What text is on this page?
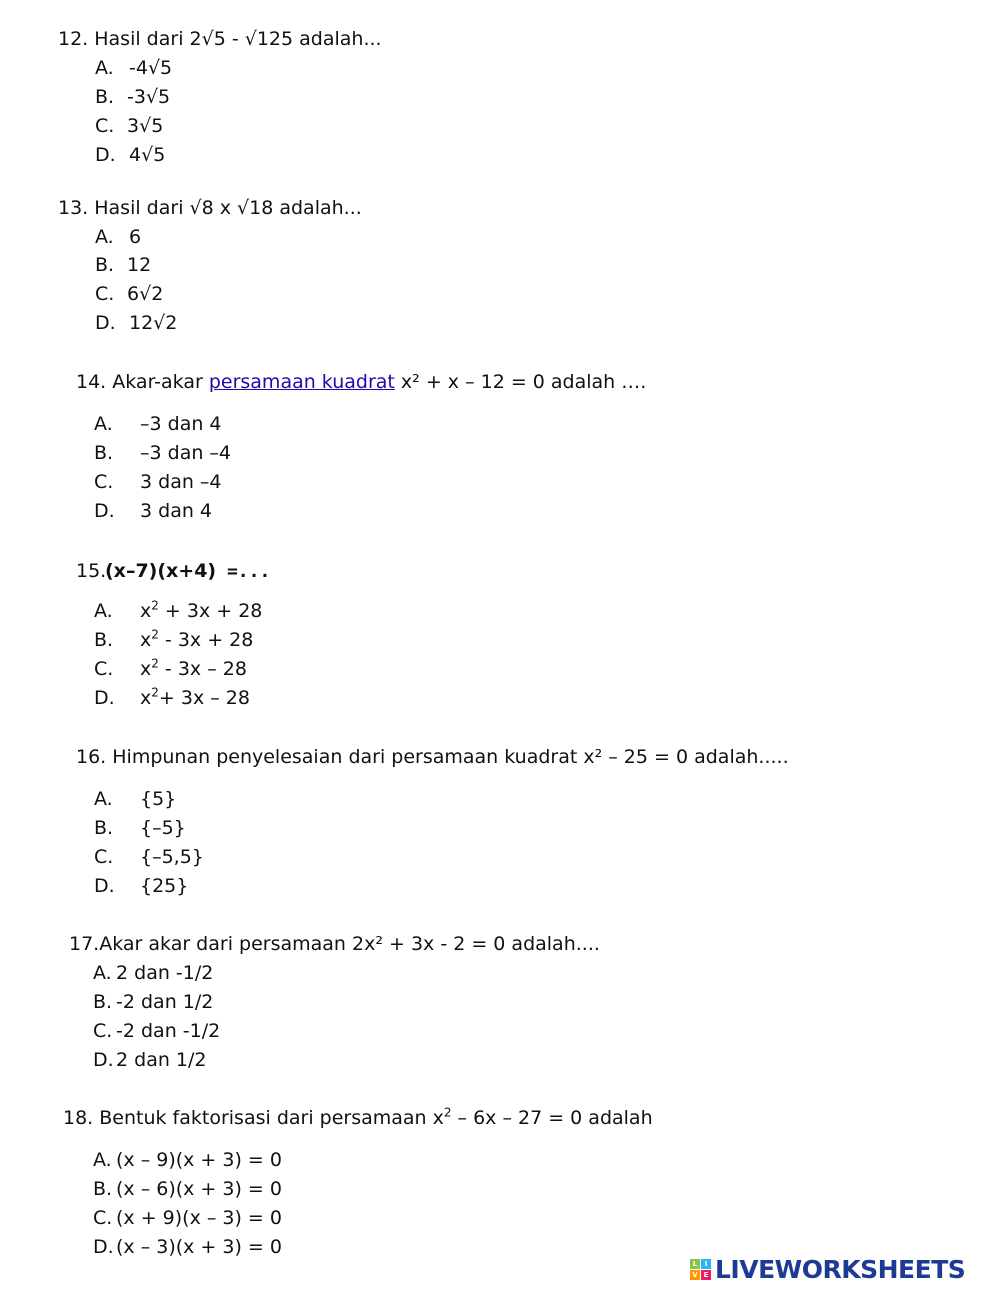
12. Hasil dari 2√5 - √125 adalah...
A. -4√5
B. -3√5
C. 3√5
D. 4√5
13. Hasil dari √8 x √18 adalah...
A. 6
B. 12
C. 6√2
D. 12√2
14. Akar-akar persamaan kuadrat x² + x – 12 = 0 adalah ….
A. –3 dan 4
B. –3 dan –4
C. 3 dan –4
D. 3 dan 4
15.(x–7)(x+4) =...
A. $x^2 + 3x + 28$
B. $x^2 - 3x + 28$
C. $x^2 - 3x - 28$
D. $x^2+ 3x - 28$
16. Himpunan penyelesaian dari persamaan kuadrat x² – 25 = 0 adalah.....
A. {5}
B. {–5}
C. {–5,5}
D. {25}
17.Akar akar dari persamaan 2x² + 3x - 2 = 0 adalah....
A. 2 dan -1/2
B. -2 dan 1/2
C. -2 dan -1/2
D. 2 dan 1/2
18. Bentuk faktorisasi dari persamaan $x^2 - 6x - 27 = 0$ adalah
A. (x – 9)(x + 3) = 0
B. (x – 6)(x + 3) = 0
C. (x + 9)(x – 3) = 0
D. (x – 3)(x + 3) = 0
L	I
V E LIVEWORKSHEETS
